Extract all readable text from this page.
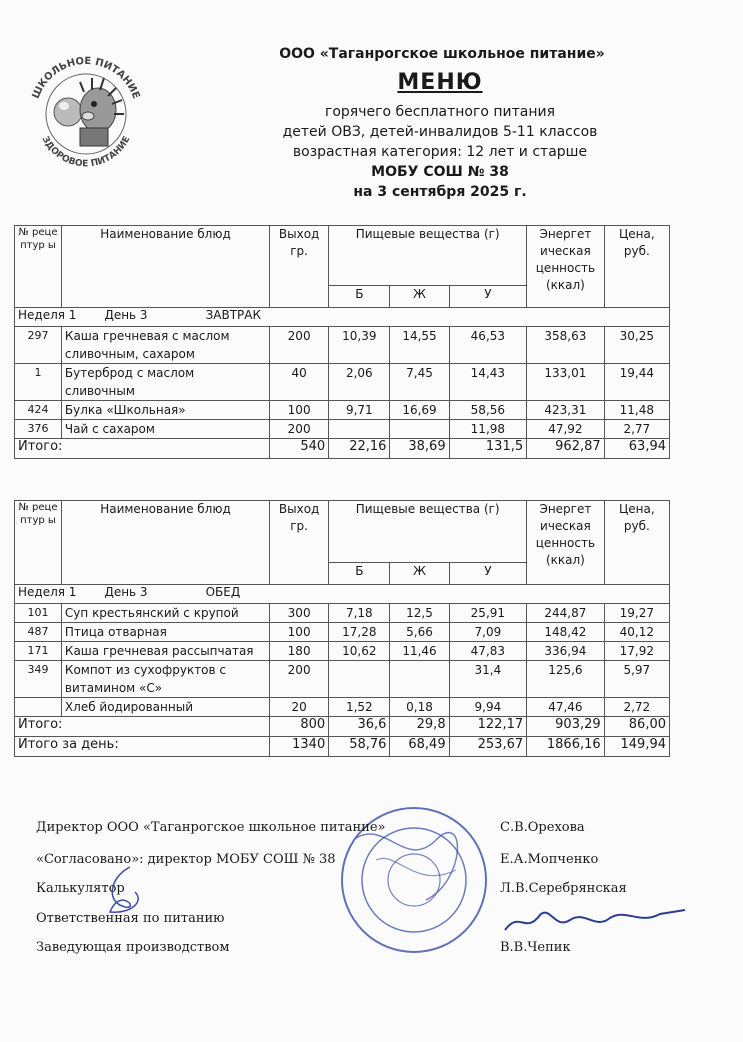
ШКОЛЬНОЕ ПИТАНИЕ
ЗДОРОВОЕ ПИТАНИЕ
ООО «Таганрогское школьное питание»
МЕНЮ
горячего бесплатного питания
детей ОВЗ, детей-инвалидов 5-11 классов
возрастная категория: 12 лет и старше
МОБУ СОШ № 38
на 3 сентября 2025 г.
№ реце птур ы	Наименование блюд	Выход гр.	Пищевые вещества (г)			Энергет ическая ценность (ккал)	Цена, руб.
			Б	Ж	У		
Неделя 1 День 3 ЗАВТРАК							
297	Каша гречневая с маслом сливочным, сахаром	200	10,39	14,55	46,53	358,63	30,25
1	Бутерброд с маслом сливочным	40	2,06	7,45	14,43	133,01	19,44
424	Булка «Школьная»	100	9,71	16,69	58,56	423,31	11,48
376	Чай с сахаром	200			11,98	47,92	2,77
Итого:		540	22,16	38,69	131,5	962,87	63,94
№ реце птур ы	Наименование блюд	Выход гр.	Пищевые вещества (г)			Энергет ическая ценность (ккал)	Цена, руб.
			Б	Ж	У		
Неделя 1 День 3 ОБЕД							
101	Суп крестьянский с крупой	300	7,18	12,5	25,91	244,87	19,27
487	Птица отварная	100	17,28	5,66	7,09	148,42	40,12
171	Каша гречневая рассыпчатая	180	10,62	11,46	47,83	336,94	17,92
349	Компот из сухофруктов с витамином «С»	200			31,4	125,6	5,97
	Хлеб йодированный	20	1,52	0,18	9,94	47,46	2,72
Итого:		800	36,6	29,8	122,17	903,29	86,00
Итого за день:		1340	58,76	68,49	253,67	1866,16	149,94
Директор ООО «Таганрогское школьное питание»	С.В.Орехова
«Согласовано»: директор МОБУ СОШ № 38	Е.А.Мопченко
Калькулятор	Л.В.Серебрянская
Ответственная по питанию
Заведующая производством	В.В.Чепик
